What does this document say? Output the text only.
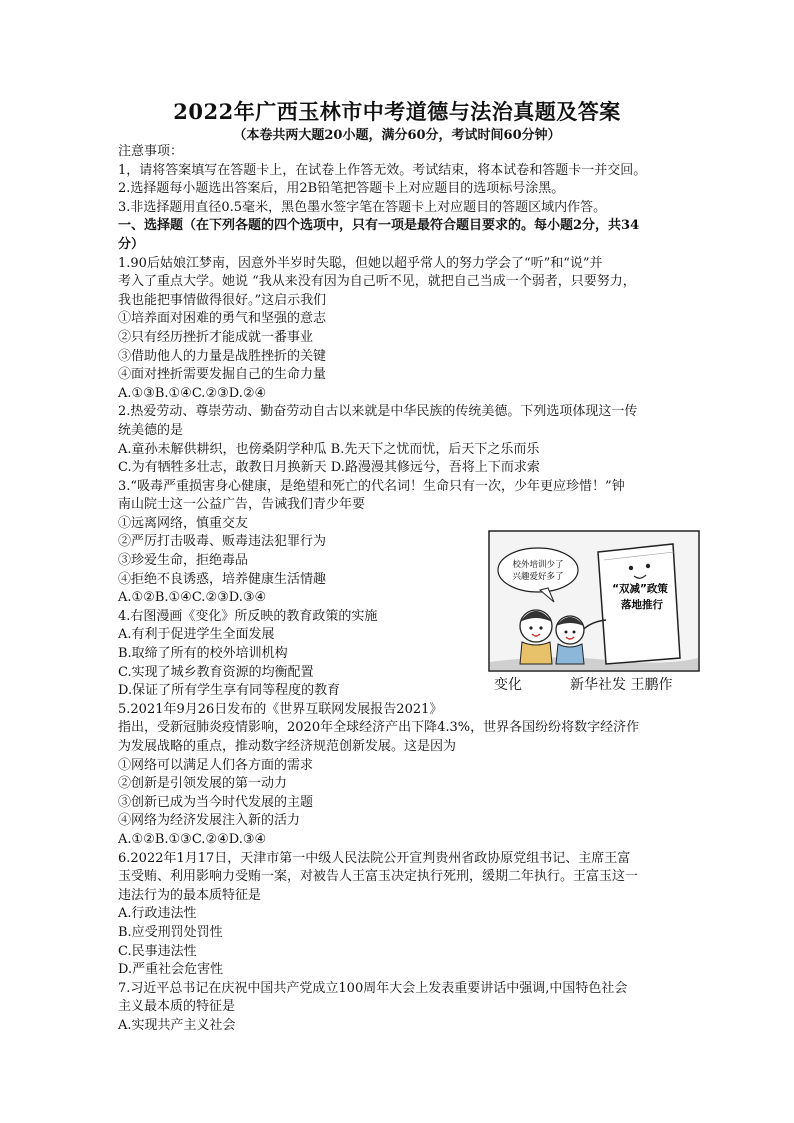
2022年广西玉林市中考道德与法治真题及答案
（本卷共两大题20小题，满分60分，考试时间60分钟）

注意事项：

1，请将答案填写在答题卡上，在试卷上作答无效。考试结束，将本试卷和答题卡一并交回。

2.选择题每小题选出答案后，用2B铅笔把答题卡上对应题目的选项标号涂黑。

3.非选择题用直径0.5毫米，黑色墨水签字笔在答题卡上对应题目的答题区域内作答。

一、选择题（在下列各题的四个选项中，只有一项是最符合题目要求的。每小题2分，共34

分）

1.90后姑娘江梦南，因意外半岁时失聪，但她以超乎常人的努力学会了“听”和“说”并

考入了重点大学。她说 “我从来没有因为自己听不见，就把自己当成一个弱者，只要努力，

我也能把事情做得很好。”这启示我们

①培养面对困难的勇气和坚强的意志

②只有经历挫折才能成就一番事业

③借助他人的力量是战胜挫折的关键

④面对挫折需要发掘自己的生命力量

A.①③B.①④C.②③D.②④

2.热爱劳动、尊崇劳动、勤奋劳动自古以来就是中华民族的传统美德。下列选项体现这一传

统美德的是

A.童孙未解供耕织，也傍桑阴学种瓜 B.先天下之忧而忧，后天下之乐而乐

C.为有牺牲多壮志，敢教日月换新天 D.路漫漫其修远兮，吾将上下而求索

3.“吸毒严重损害身心健康，是绝望和死亡的代名词！生命只有一次，少年更应珍惜！”钟

南山院士这一公益广告，告诫我们青少年要

①远离网络，慎重交友

②严厉打击吸毒、贩毒违法犯罪行为

③珍爱生命，拒绝毒品

④拒绝不良诱惑，培养健康生活情趣

A.①②B.①④C.②③D.③④

4.右图漫画《变化》所反映的教育政策的实施

A.有利于促进学生全面发展

B.取缔了所有的校外培训机构

C.实现了城乡教育资源的均衡配置

D.保证了所有学生享有同等程度的教育

5.2021年9月26日发布的《世界互联网发展报告2021》

指出，受新冠肺炎疫情影响，2020年全球经济产出下降4.3%，世界各国纷纷将数字经济作

为发展战略的重点，推动数字经济规范创新发展。这是因为

①网络可以满足人们各方面的需求

②创新是引领发展的第一动力

③创新已成为当今时代发展的主题

④网络为经济发展注入新的活力

A.①②B.①③C.②④D.③④

6.2022年1月17日，天津市第一中级人民法院公开宣判贵州省政协原党组书记、主席王富

玉受贿、利用影响力受贿一案，对被告人王富玉决定执行死刑，缓期二年执行。王富玉这一

违法行为的最本质特征是

A.行政违法性

B.应受刑罚处罚性

C.民事违法性

D.严重社会危害性

7.习近平总书记在庆祝中国共产党成立100周年大会上发表重要讲话中强调,中国特色社会

主义最本质的特征是

A.实现共产主义社会

校外培训少了
兴趣爱好多了
“双减”政策
落地推行
变化	新华社发 王鹏作
